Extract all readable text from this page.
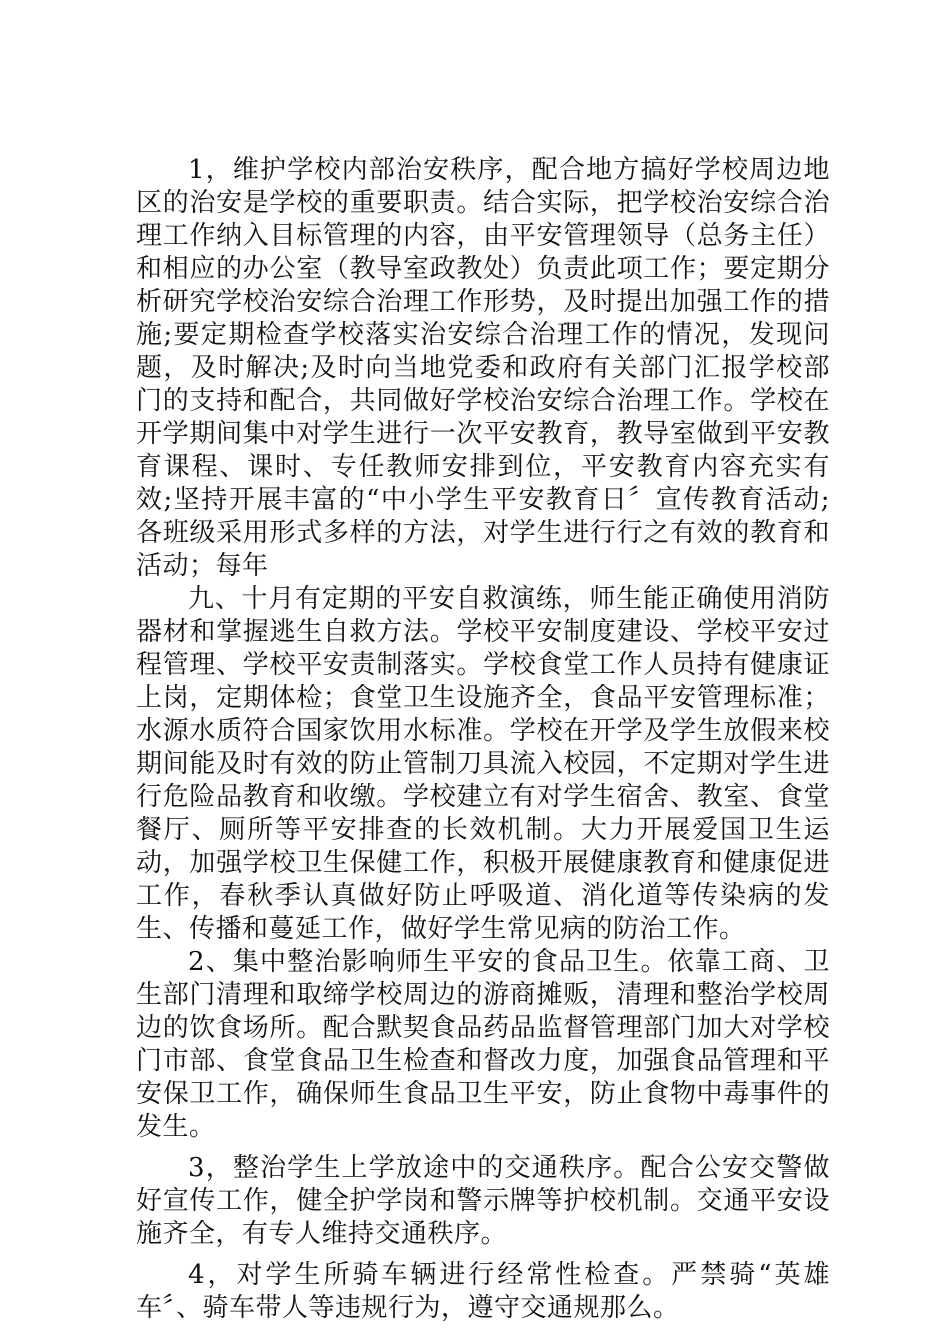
1，维护学校内部治安秩序，配合地方搞好学校周边地区的治安是学校的重要职责。结合实际，把学校治安综合治理工作纳入目标管理的内容，由平安管理领导（总务主任）和相应的办公室（教导室政教处）负责此项工作；要定期分析研究学校治安综合治理工作形势，及时提出加强工作的措施;要定期检查学校落实治安综合治理工作的情况，发现问题，及时解决;及时向当地党委和政府有关部门汇报学校部门的支持和配合，共同做好学校治安综合治理工作。学校在开学期间集中对学生进行一次平安教育，教导室做到平安教育课程、课时、专任教师安排到位，平安教育内容充实有效;坚持开展丰富的“中小学生平安教育日〞宣传教育活动;各班级采用形式多样的方法，对学生进行行之有效的教育和活动；每年

九、十月有定期的平安自救演练，师生能正确使用消防器材和掌握逃生自救方法。学校平安制度建设、学校平安过程管理、学校平安责制落实。学校食堂工作人员持有健康证上岗，定期体检；食堂卫生设施齐全，食品平安管理标准；水源水质符合国家饮用水标准。学校在开学及学生放假来校期间能及时有效的防止管制刀具流入校园，不定期对学生进行危险品教育和收缴。学校建立有对学生宿舍、教室、食堂餐厅、厕所等平安排查的长效机制。大力开展爱国卫生运动，加强学校卫生保健工作，积极开展健康教育和健康促进工作，春秋季认真做好防止呼吸道、消化道等传染病的发生、传播和蔓延工作，做好学生常见病的防治工作。

2、集中整治影响师生平安的食品卫生。依靠工商、卫生部门清理和取缔学校周边的游商摊贩，清理和整治学校周边的饮食场所。配合默契食品药品监督管理部门加大对学校门市部、食堂食品卫生检查和督改力度，加强食品管理和平安保卫工作，确保师生食品卫生平安，防止食物中毒事件的发生。

3，整治学生上学放途中的交通秩序。配合公安交警做好宣传工作，健全护学岗和警示牌等护校机制。交通平安设施齐全，有专人维持交通秩序。

4，对学生所骑车辆进行经常性检查。严禁骑“英雄车〞、骑车带人等违规行为，遵守交通规那么。
